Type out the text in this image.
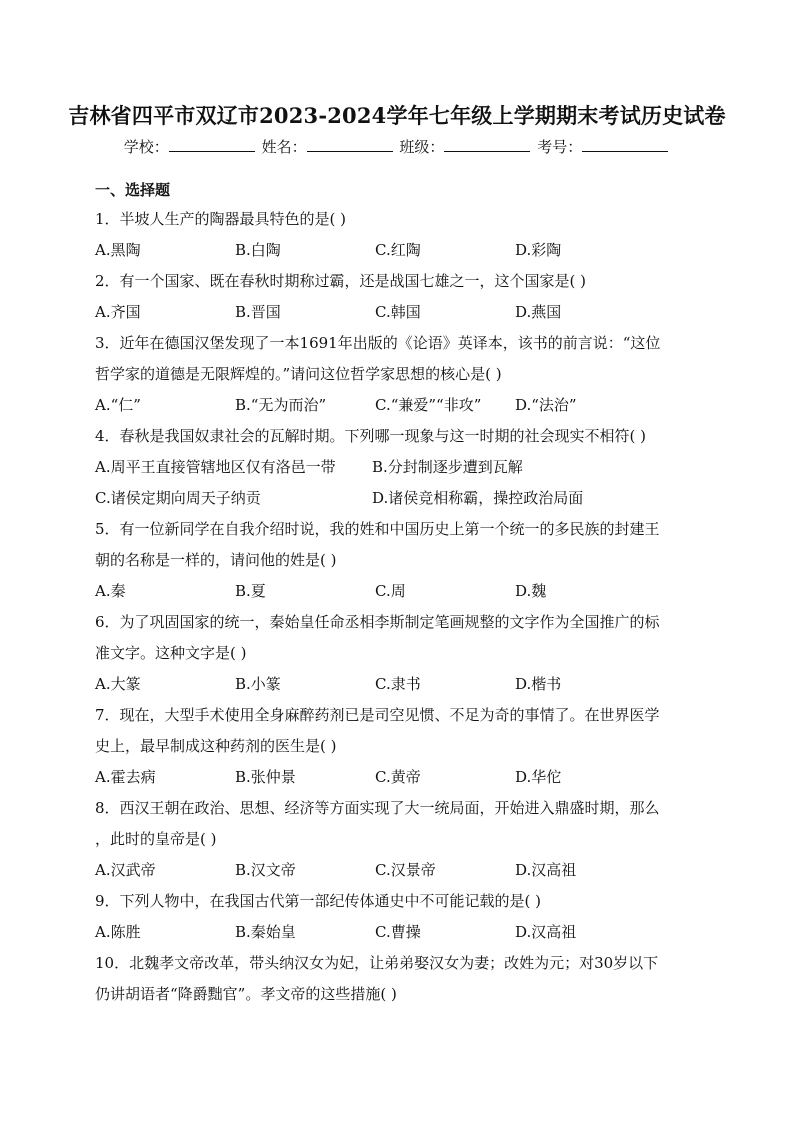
吉林省四平市双辽市2023-2024学年七年级上学期期末考试历史试卷
学校：	姓名：	班级：	考号：
一、选择题
1．半坡人生产的陶器最具特色的是( )
A.黑陶	B.白陶	C.红陶	D.彩陶
2．有一个国家、既在春秋时期称过霸，还是战国七雄之一，这个国家是( )
A.齐国	B.晋国	C.韩国	D.燕国
3．近年在德国汉堡发现了一本1691年出版的《论语》英译本，该书的前言说：“这位
哲学家的道德是无限辉煌的。”请问这位哲学家思想的核心是( )
A.“仁”	B.“无为而治”	C.“兼爱”“非攻”	D.“法治”
4．春秋是我国奴隶社会的瓦解时期。下列哪一现象与这一时期的社会现实不相符( )
A.周平王直接管辖地区仅有洛邑一带	B.分封制逐步遭到瓦解
C.诸侯定期向周天子纳贡	D.诸侯竞相称霸，操控政治局面
5．有一位新同学在自我介绍时说，我的姓和中国历史上第一个统一的多民族的封建王
朝的名称是一样的，请问他的姓是( )
A.秦	B.夏	C.周	D.魏
6．为了巩固国家的统一，秦始皇任命丞相李斯制定笔画规整的文字作为全国推广的标
准文字。这种文字是( )
A.大篆	B.小篆	C.隶书	D.楷书
7．现在，大型手术使用全身麻醉药剂已是司空见惯、不足为奇的事情了。在世界医学
史上，最早制成这种药剂的医生是( )
A.霍去病	B.张仲景	C.黄帝	D.华佗
8．西汉王朝在政治、思想、经济等方面实现了大一统局面，开始进入鼎盛时期，那么
，此时的皇帝是( )
A.汉武帝	B.汉文帝	C.汉景帝	D.汉高祖
9．下列人物中，在我国古代第一部纪传体通史中不可能记载的是( )
A.陈胜	B.秦始皇	C.曹操	D.汉高祖
10．北魏孝文帝改革，带头纳汉女为妃，让弟弟娶汉女为妻；改姓为元；对30岁以下
仍讲胡语者“降爵黜官”。孝文帝的这些措施( )
